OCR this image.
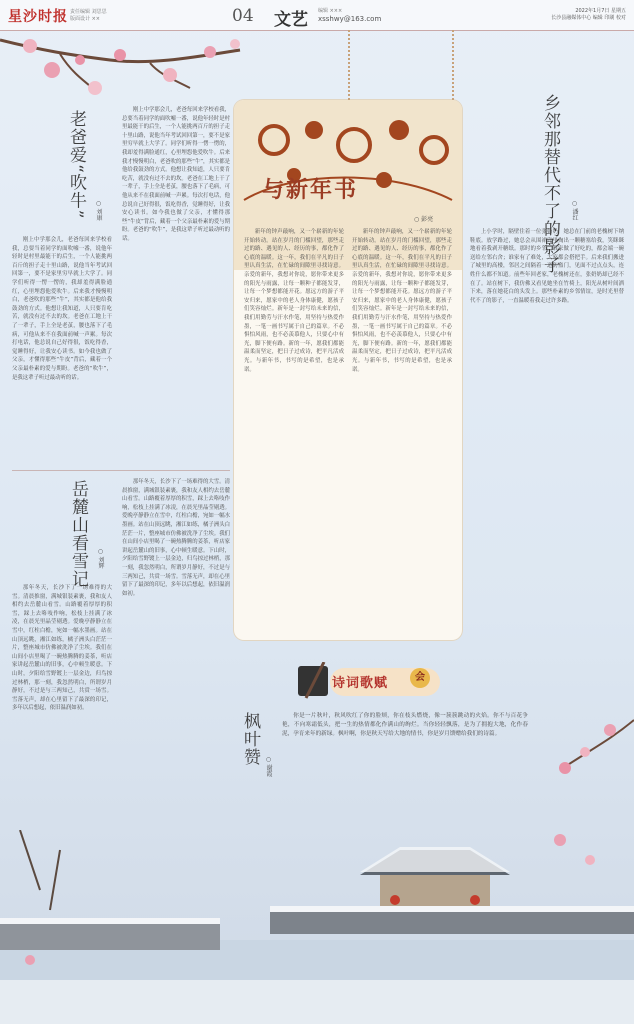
星沙时报 责任编辑 刘思思
版面设计 ××	04 文艺 编辑 ×××
xsshwy@163.com
2022年1月7日 星期五
长沙县融媒体中心 编辑 印刷 校对
老爸爱“吹牛”	○ 刘康

刚上中学那会儿，老爸每回来学校看我，总要当着同学的面吹嘘一番，说他年轻时是村里最能干的后生，一个人能挑两百斤的担子走十里山路，说他当年考试回回第一，要不是家里穷早就上大学了。同学们听得一愣一愣的，我却羞得满脸通红，心里埋怨他爱吹牛。后来我才慢慢明白，老爸吹的那些“牛”，其实都是他给我鼓劲的方式。他想让我知道，人只要肯吃苦，就没有过不去的坎。老爸在工地上干了一辈子，手上全是老茧，腰也落下了毛病，可他从来不在我面前喊一声累。每次打电话，他总说自己好得很，饭吃得香，觉睡得好，让我安心读书。如今我也做了父亲，才懂得那些“牛皮”背后，藏着一个父亲最朴素的爱与期盼。老爸的“吹牛”，是我这辈子听过最动听的话。

刚上中学那会儿，老爸每回来学校看我，总要当着同学的面吹嘘一番，说他年轻时是村里最能干的后生，一个人能挑两百斤的担子走十里山路，说他当年考试回回第一，要不是家里穷早就上大学了。同学们听得一愣一愣的，我却羞得满脸通红，心里埋怨他爱吹牛。后来我才慢慢明白，老爸吹的那些“牛”，其实都是他给我鼓劲的方式。他想让我知道，人只要肯吃苦，就没有过不去的坎。老爸在工地上干了一辈子，手上全是老茧，腰也落下了毛病，可他从来不在我面前喊一声累。每次打电话，他总说自己好得很，饭吃得香，觉睡得好，让我安心读书。如今我也做了父亲，才懂得那些“牛皮”背后，藏着一个父亲最朴素的爱与期盼。老爸的“吹牛”，是我这辈子听过最动听的话。

岳麓山看雪记	○ 刘辉

那年冬天，长沙下了一场难得的大雪。清晨推窗，满城银装素裹，我和友人相约去岳麓山看雪。山路覆着厚厚的积雪，踩上去咯吱作响，松枝上挂满了冰凌，在晨光里晶莹剔透。爱晚亭静静立在雪中，红柱白檐，宛如一幅水墨画。站在山顶远眺，湘江如练，橘子洲头白茫茫一片，整座城市仿佛被洗净了尘埃。我们在山间小店里喝了一碗热腾腾的姜茶，听店家讲起岳麓山的旧事，心中顿生暖意。下山时，夕阳给雪野镀上一层金边，归鸟掠过林梢，那一刻，我忽然明白，所谓岁月静好，不过是与三两知己，共赏一场雪。雪落无声，却在心里留下了最深的印记，多年以后想起，依旧温润如初。

那年冬天，长沙下了一场难得的大雪。清晨推窗，满城银装素裹，我和友人相约去岳麓山看雪。山路覆着厚厚的积雪，踩上去咯吱作响，松枝上挂满了冰凌，在晨光里晶莹剔透。爱晚亭静静立在雪中，红柱白檐，宛如一幅水墨画。站在山顶远眺，湘江如练，橘子洲头白茫茫一片，整座城市仿佛被洗净了尘埃。我们在山间小店里喝了一碗热腾腾的姜茶，听店家讲起岳麓山的旧事，心中顿生暖意。下山时，夕阳给雪野镀上一层金边，归鸟掠过林梢，那一刻，我忽然明白，所谓岁月静好，不过是与三两知己，共赏一场雪。雪落无声，却在心里留下了最深的印记，多年以后想起，依旧温润如初。

与新年书
○ 彭亮

新年的钟声敲响，又一个崭新的年轮开始转动。站在岁月的门槛回望，那些走过的路、遇见的人、经历的事，都化作了心底的温暖。这一年，我们在平凡的日子里认真生活，在忙碌的间隙里寻找诗意。亲爱的新年，我想对你说，愿你带来更多的阳光与雨露，让每一颗种子都能发芽，让每一个梦想都能开花。愿远方的游子平安归来，愿家中的老人身体康健，愿孩子们笑容灿烂。新年是一封写给未来的信，我们用勤劳与汗水作笔，用坚持与热爱作墨，一笔一画书写属于自己的篇章。不必惧怕风雨，也不必羡慕他人，只要心中有光，脚下便有路。新的一年，愿我们都能温柔而坚定，把日子过成诗，把平凡活成光。与新年书，书写的是希望，也是承诺。

新年的钟声敲响，又一个崭新的年轮开始转动。站在岁月的门槛回望，那些走过的路、遇见的人、经历的事，都化作了心底的温暖。这一年，我们在平凡的日子里认真生活，在忙碌的间隙里寻找诗意。亲爱的新年，我想对你说，愿你带来更多的阳光与雨露，让每一颗种子都能发芽，让每一个梦想都能开花。愿远方的游子平安归来，愿家中的老人身体康健，愿孩子们笑容灿烂。新年是一封写给未来的信，我们用勤劳与汗水作笔，用坚持与热爱作墨，一笔一画书写属于自己的篇章。不必惧怕风雨，也不必羡慕他人，只要心中有光，脚下便有路。新的一年，愿我们都能温柔而坚定，把日子过成诗，把平凡活成光。与新年书，书写的是希望，也是承诺。

乡邻那替代不了的影子	○ 潘红

上小学时，隔壁住着一位张奶奶，她总在门前的老槐树下纳鞋底。放学路过，她总会从围裙兜里掏出一颗糖塞给我，笑眯眯地看着我剥开糖纸。那时的乡邻，谁家做了好吃的，都会端一碗送给左邻右舍；谁家有了难处，大家都会搭把手。后来我们搬进了城里的高楼，邻居之间隔着一道防盗门，见面不过点点头，连姓什么都不知道。前些年回老家，老槐树还在，张奶奶却已经不在了。站在树下，我仿佛又看见她坐在竹椅上，阳光从树叶间洒下来，落在她花白的头发上。那些朴素的乡邻情谊，是时光里替代不了的影子，一直温暖着我走过许多路。

诗词歌赋	会
枫叶赞
○ 谢霞

你是一片秋叶，秋风吹红了你的脸颊，你在枝头燃烧，像一簇簇跳动的火焰。你不与百花争艳，不向寒霜低头，把一生的热情都化作满山的绚烂。当你轻轻飘落，是为了拥抱大地，化作春泥，孕育来年的新绿。枫叶啊，你是秋天写给大地的情书，你是岁月馈赠给我们的诗篇。
